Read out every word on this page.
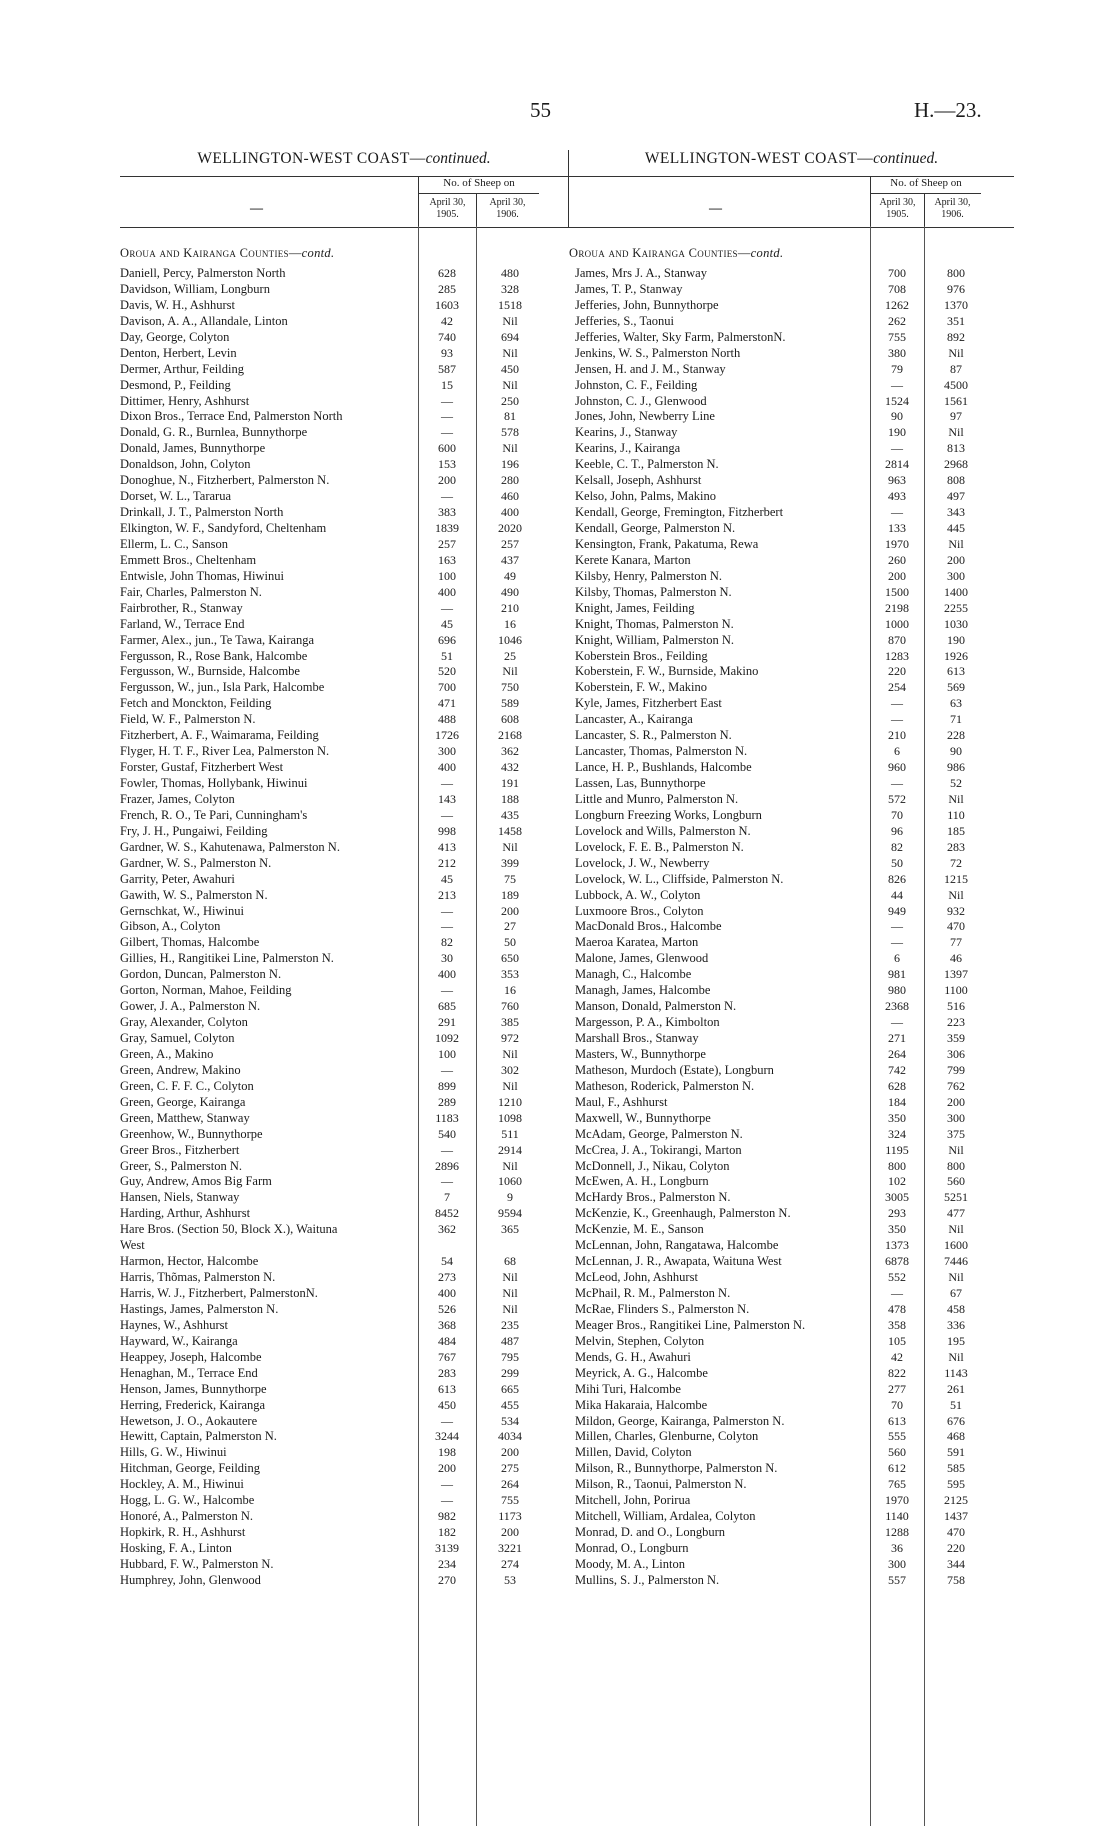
55	H.—23.
WELLINGTON-WEST COAST—continued.
—
No. of Sheep on
April 30, 1905.
April 30, 1906.
Oroua and Kairanga Counties—contd.
Daniell, Percy, Palmerston North	628	480
Davidson, William, Longburn	285	328
Davis, W. H., Ashhurst	1603	1518
Davison, A. A., Allandale, Linton	42	Nil
Day, George, Colyton	740	694
Denton, Herbert, Levin	93	Nil
Dermer, Arthur, Feilding	587	450
Desmond, P., Feilding	15	Nil
Dittimer, Henry, Ashhurst	—	250
Dixon Bros., Terrace End, Palmerston North	—	81
Donald, G. R., Burnlea, Bunnythorpe	—	578
Donald, James, Bunnythorpe	600	Nil
Donaldson, John, Colyton	153	196
Donoghue, N., Fitzherbert, Palmerston N.	200	280
Dorset, W. L., Tararua	—	460
Drinkall, J. T., Palmerston North	383	400
Elkington, W. F., Sandyford, Cheltenham	1839	2020
Ellerm, L. C., Sanson	257	257
Emmett Bros., Cheltenham	163	437
Entwisle, John Thomas, Hiwinui	100	49
Fair, Charles, Palmerston N.	400	490
Fairbrother, R., Stanway	—	210
Farland, W., Terrace End	45	16
Farmer, Alex., jun., Te Tawa, Kairanga	696	1046
Fergusson, R., Rose Bank, Halcombe	51	25
Fergusson, W., Burnside, Halcombe	520	Nil
Fergusson, W., jun., Isla Park, Halcombe	700	750
Fetch and Monckton, Feilding	471	589
Field, W. F., Palmerston N.	488	608
Fitzherbert, A. F., Waimarama, Feilding	1726	2168
Flyger, H. T. F., River Lea, Palmerston N.	300	362
Forster, Gustaf, Fitzherbert West	400	432
Fowler, Thomas, Hollybank, Hiwinui	—	191
Frazer, James, Colyton	143	188
French, R. O., Te Pari, Cunningham's	—	435
Fry, J. H., Pungaiwi, Feilding	998	1458
Gardner, W. S., Kahutenawa, Palmerston N.	413	Nil
Gardner, W. S., Palmerston N.	212	399
Garrity, Peter, Awahuri	45	75
Gawith, W. S., Palmerston N.	213	189
Gernschkat, W., Hiwinui	—	200
Gibson, A., Colyton	—	27
Gilbert, Thomas, Halcombe	82	50
Gillies, H., Rangitikei Line, Palmerston N.	30	650
Gordon, Duncan, Palmerston N.	400	353
Gorton, Norman, Mahoe, Feilding	—	16
Gower, J. A., Palmerston N.	685	760
Gray, Alexander, Colyton	291	385
Gray, Samuel, Colyton	1092	972
Green, A., Makino	100	Nil
Green, Andrew, Makino	—	302
Green, C. F. F. C., Colyton	899	Nil
Green, George, Kairanga	289	1210
Green, Matthew, Stanway	1183	1098
Greenhow, W., Bunnythorpe	540	511
Greer Bros., Fitzherbert	—	2914
Greer, S., Palmerston N.	2896	Nil
Guy, Andrew, Amos Big Farm	—	1060
Hansen, Niels, Stanway	7	9
Harding, Arthur, Ashhurst	8452	9594
Hare Bros. (Section 50, Block X.), Waituna	362	365
West
Harmon, Hector, Halcombe	54	68
Harris, Thõmas, Palmerston N.	273	Nil
Harris, W. J., Fitzherbert, PalmerstonN.	400	Nil
Hastings, James, Palmerston N.	526	Nil
Haynes, W., Ashhurst	368	235
Hayward, W., Kairanga	484	487
Heappey, Joseph, Halcombe	767	795
Henaghan, M., Terrace End	283	299
Henson, James, Bunnythorpe	613	665
Herring, Frederick, Kairanga	450	455
Hewetson, J. O., Aokautere	—	534
Hewitt, Captain, Palmerston N.	3244	4034
Hills, G. W., Hiwinui	198	200
Hitchman, George, Feilding	200	275
Hockley, A. M., Hiwinui	—	264
Hogg, L. G. W., Halcombe	—	755
Honoré, A., Palmerston N.	982	1173
Hopkirk, R. H., Ashhurst	182	200
Hosking, F. A., Linton	3139	3221
Hubbard, F. W., Palmerston N.	234	274
Humphrey, John, Glenwood	270	53
WELLINGTON-WEST COAST—continued.
—
No. of Sheep on
April 30, 1905.
April 30, 1906.
Oroua and Kairanga Counties—contd.
James, Mrs J. A., Stanway	700	800
James, T. P., Stanway	708	976
Jefferies, John, Bunnythorpe	1262	1370
Jefferies, S., Taonui	262	351
Jefferies, Walter, Sky Farm, PalmerstonN.	755	892
Jenkins, W. S., Palmerston North	380	Nil
Jensen, H. and J. M., Stanway	79	87
Johnston, C. F., Feilding	—	4500
Johnston, C. J., Glenwood	1524	1561
Jones, John, Newberry Line	90	97
Kearins, J., Stanway	190	Nil
Kearins, J., Kairanga	—	813
Keeble, C. T., Palmerston N.	2814	2968
Kelsall, Joseph, Ashhurst	963	808
Kelso, John, Palms, Makino	493	497
Kendall, George, Fremington, Fitzherbert	—	343
Kendall, George, Palmerston N.	133	445
Kensington, Frank, Pakatuma, Rewa	1970	Nil
Kerete Kanara, Marton	260	200
Kilsby, Henry, Palmerston N.	200	300
Kilsby, Thomas, Palmerston N.	1500	1400
Knight, James, Feilding	2198	2255
Knight, Thomas, Palmerston N.	1000	1030
Knight, William, Palmerston N.	870	190
Koberstein Bros., Feilding	1283	1926
Koberstein, F. W., Burnside, Makino	220	613
Koberstein, F. W., Makino	254	569
Kyle, James, Fitzherbert East	—	63
Lancaster, A., Kairanga	—	71
Lancaster, S. R., Palmerston N.	210	228
Lancaster, Thomas, Palmerston N.	6	90
Lance, H. P., Bushlands, Halcombe	960	986
Lassen, Las, Bunnythorpe	—	52
Little and Munro, Palmerston N.	572	Nil
Longburn Freezing Works, Longburn	70	110
Lovelock and Wills, Palmerston N.	96	185
Lovelock, F. E. B., Palmerston N.	82	283
Lovelock, J. W., Newberry	50	72
Lovelock, W. L., Cliffside, Palmerston N.	826	1215
Lubbock, A. W., Colyton	44	Nil
Luxmoore Bros., Colyton	949	932
MacDonald Bros., Halcombe	—	470
Maeroa Karatea, Marton	—	77
Malone, James, Glenwood	6	46
Managh, C., Halcombe	981	1397
Managh, James, Halcombe	980	1100
Manson, Donald, Palmerston N.	2368	516
Margesson, P. A., Kimbolton	—	223
Marshall Bros., Stanway	271	359
Masters, W., Bunnythorpe	264	306
Matheson, Murdoch (Estate), Longburn	742	799
Matheson, Roderick, Palmerston N.	628	762
Maul, F., Ashhurst	184	200
Maxwell, W., Bunnythorpe	350	300
McAdam, George, Palmerston N.	324	375
McCrea, J. A., Tokirangi, Marton	1195	Nil
McDonnell, J., Nikau, Colyton	800	800
McEwen, A. H., Longburn	102	560
McHardy Bros., Palmerston N.	3005	5251
McKenzie, K., Greenhaugh, Palmerston N.	293	477
McKenzie, M. E., Sanson	350	Nil
McLennan, John, Rangatawa, Halcombe	1373	1600
McLennan, J. R., Awapata, Waituna West	6878	7446
McLeod, John, Ashhurst	552	Nil
McPhail, R. M., Palmerston N.	—	67
McRae, Flinders S., Palmerston N.	478	458
Meager Bros., Rangitikei Line, Palmerston N.	358	336
Melvin, Stephen, Colyton	105	195
Mends, G. H., Awahuri	42	Nil
Meyrick, A. G., Halcombe	822	1143
Mihi Turi, Halcombe	277	261
Mika Hakaraia, Halcombe	70	51
Mildon, George, Kairanga, Palmerston N.	613	676
Millen, Charles, Glenburne, Colyton	555	468
Millen, David, Colyton	560	591
Milson, R., Bunnythorpe, Palmerston N.	612	585
Milson, R., Taonui, Palmerston N.	765	595
Mitchell, John, Porirua	1970	2125
Mitchell, William, Ardalea, Colyton	1140	1437
Monrad, D. and O., Longburn	1288	470
Monrad, O., Longburn	36	220
Moody, M. A., Linton	300	344
Mullins, S. J., Palmerston N.	557	758
